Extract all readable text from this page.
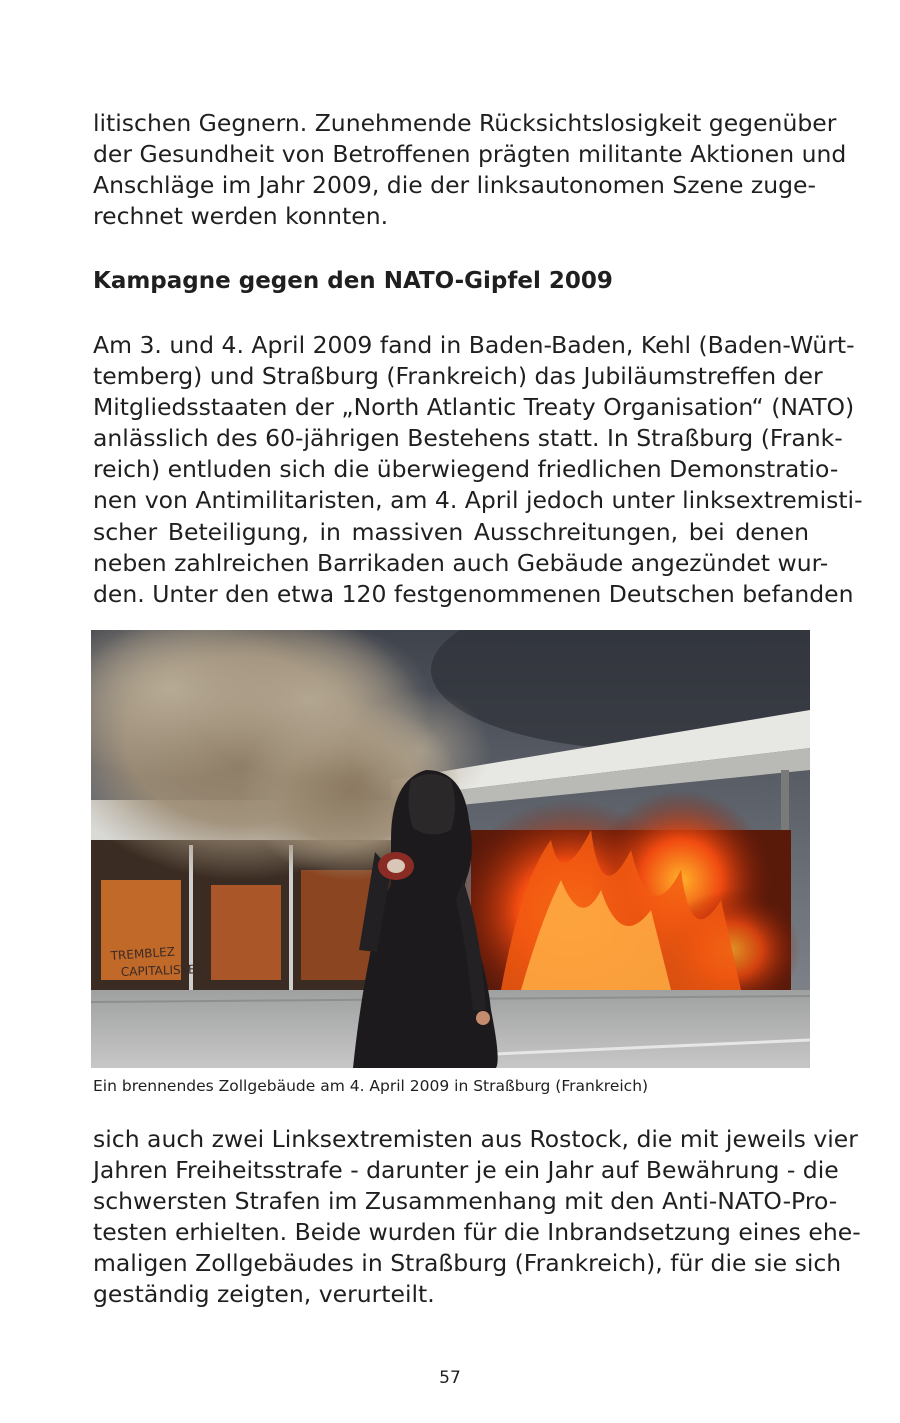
litischen Gegnern. Zunehmende Rücksichtslosigkeit gegenüber
der Gesundheit von Betroffenen prägten militante Aktionen und
Anschläge im Jahr 2009, die der linksautonomen Szene zuge-
rechnet werden konnten.
Kampagne gegen den NATO-Gipfel 2009
Am 3. und 4. April 2009 fand in Baden-Baden, Kehl (Baden-Würt-
temberg) und Straßburg (Frankreich) das Jubiläumstreffen der
Mitgliedsstaaten der „North Atlantic Treaty Organisation“ (NATO)
anlässlich des 60-jährigen Bestehens statt. In Straßburg (Frank-
reich) entluden sich die überwiegend friedlichen Demonstratio-
nen von Antimilitaristen, am 4. April jedoch unter linksextremisti-
scher Beteiligung, in massiven Ausschreitungen, bei denen
neben zahlreichen Barrikaden auch Gebäude angezündet wur-
den. Unter den etwa 120 festgenommenen Deutschen befanden
TREMBLEZ
CAPITALISTES

Ein brennendes Zollgebäude am 4. April 2009 in Straßburg (Frankreich)

sich auch zwei Linksextremisten aus Rostock, die mit jeweils vier
Jahren Freiheitsstrafe - darunter je ein Jahr auf Bewährung - die
schwersten Strafen im Zusammenhang mit den Anti-NATO-Pro-
testen erhielten. Beide wurden für die Inbrandsetzung eines ehe-
maligen Zollgebäudes in Straßburg (Frankreich), für die sie sich
geständig zeigten, verurteilt.

57
